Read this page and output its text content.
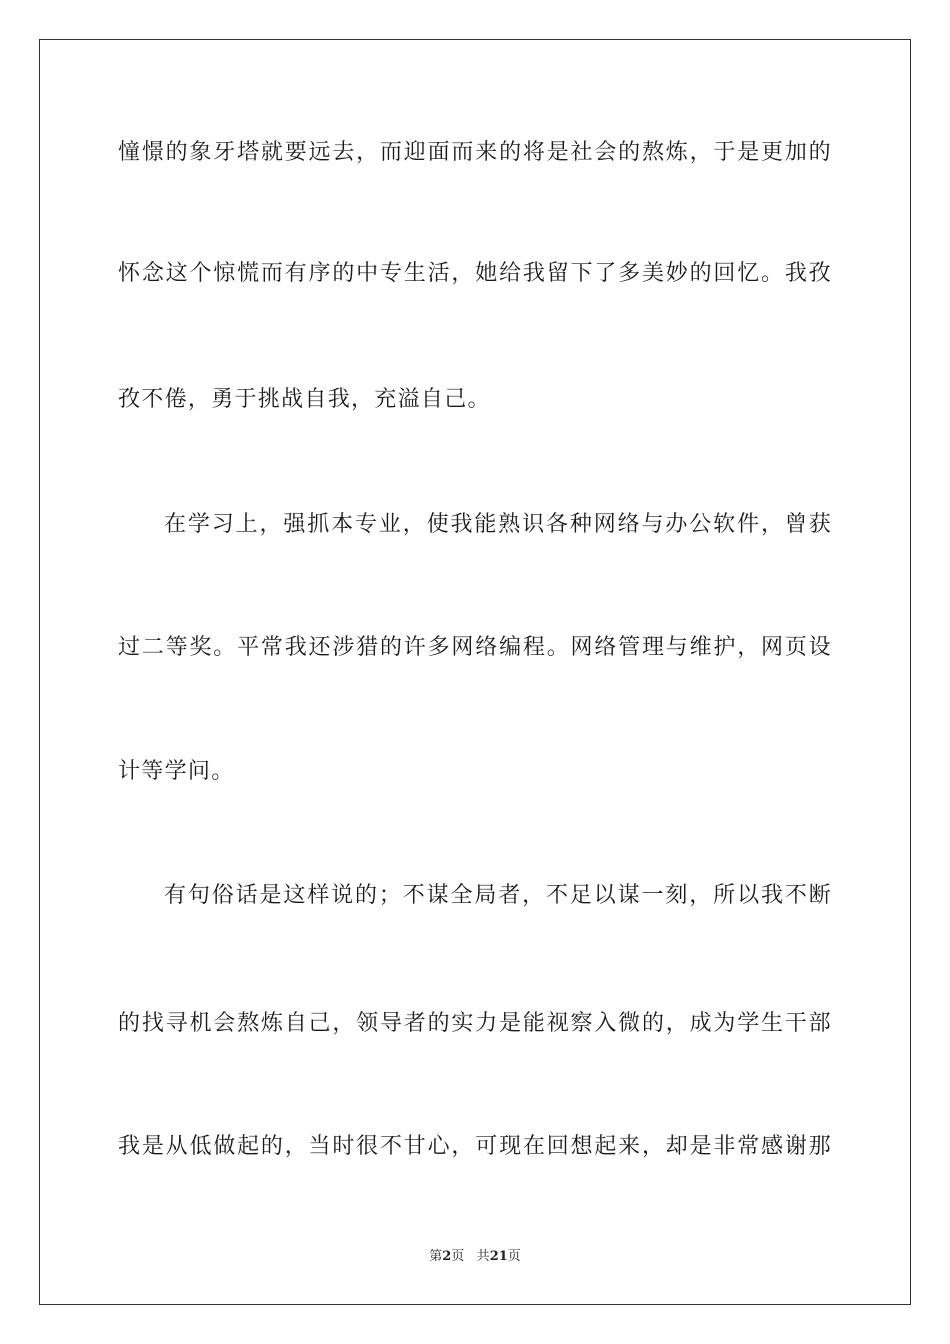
憧憬的象牙塔就要远去，而迎面而来的将是社会的熬炼，于是更加的
怀念这个惊慌而有序的中专生活，她给我留下了多美妙的回忆。我孜
孜不倦，勇于挑战自我，充溢自己。
在学习上，强抓本专业，使我能熟识各种网络与办公软件，曾获
过二等奖。平常我还涉猎的许多网络编程。网络管理与维护，网页设
计等学问。
有句俗话是这样说的；不谋全局者，不足以谋一刻，所以我不断
的找寻机会熬炼自己，领导者的实力是能视察入微的，成为学生干部
我是从低做起的，当时很不甘心，可现在回想起来，却是非常感谢那
第2页 共21页
